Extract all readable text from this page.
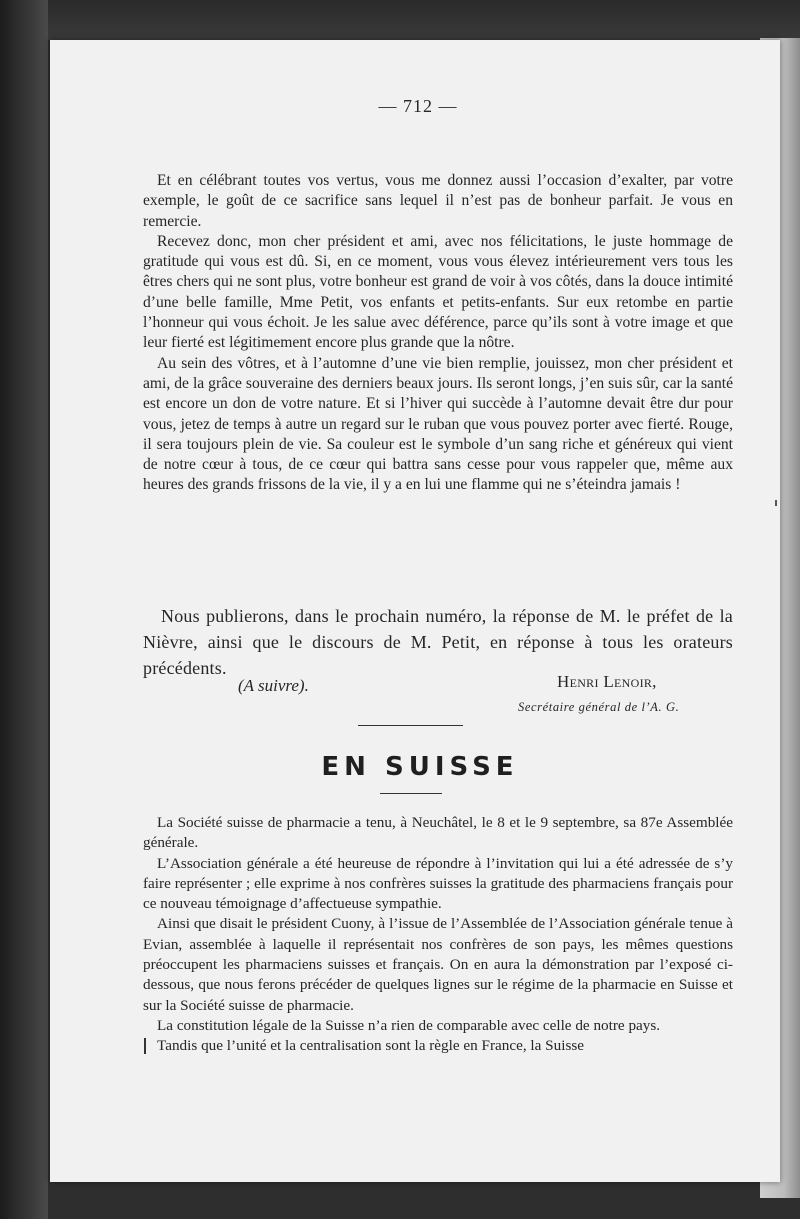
— 712 —

Et en célébrant toutes vos vertus, vous me donnez aussi l’occasion d’exalter, par votre exemple, le goût de ce sacrifice sans lequel il n’est pas de bonheur parfait. Je vous en remercie.

Recevez donc, mon cher président et ami, avec nos félicitations, le juste hommage de gratitude qui vous est dû. Si, en ce moment, vous vous élevez intérieurement vers tous les êtres chers qui ne sont plus, votre bonheur est grand de voir à vos côtés, dans la douce intimité d’une belle famille, Mme Petit, vos enfants et petits-enfants. Sur eux retombe en partie l’honneur qui vous échoit. Je les salue avec déférence, parce qu’ils sont à votre image et que leur fierté est légitimement encore plus grande que la nôtre.

Au sein des vôtres, et à l’automne d’une vie bien remplie, jouissez, mon cher président et ami, de la grâce souveraine des derniers beaux jours. Ils seront longs, j’en suis sûr, car la santé est encore un don de votre nature. Et si l’hiver qui succède à l’automne devait être dur pour vous, jetez de temps à autre un regard sur le ruban que vous pouvez porter avec fierté. Rouge, il sera toujours plein de vie. Sa couleur est le symbole d’un sang riche et généreux qui vient de notre cœur à tous, de ce cœur qui battra sans cesse pour vous rappeler que, même aux heures des grands frissons de la vie, il y a en lui une flamme qui ne s’éteindra jamais !

Nous publierons, dans le prochain numéro, la réponse de M. le préfet de la Nièvre, ainsi que le discours de M. Petit, en réponse à tous les orateurs précédents.

(A suivre).	Henri Lenoir,
Secrétaire général de l’A. G.
EN SUISSE

La Société suisse de pharmacie a tenu, à Neuchâtel, le 8 et le 9 septembre, sa 87e Assemblée générale.

L’Association générale a été heureuse de répondre à l’invitation qui lui a été adressée de s’y faire représenter ; elle exprime à nos confrères suisses la gratitude des pharmaciens français pour ce nouveau témoignage d’affectueuse sympathie.

Ainsi que disait le président Cuony, à l’issue de l’Assemblée de l’Association générale tenue à Evian, assemblée à laquelle il représentait nos confrères de son pays, les mêmes questions préoccupent les pharmaciens suisses et français. On en aura la démonstration par l’exposé ci-dessous, que nous ferons précéder de quelques lignes sur le régime de la pharmacie en Suisse et sur la Société suisse de pharmacie.

La constitution légale de la Suisse n’a rien de comparable avec celle de notre pays.

Tandis que l’unité et la centralisation sont la règle en France, la Suisse
